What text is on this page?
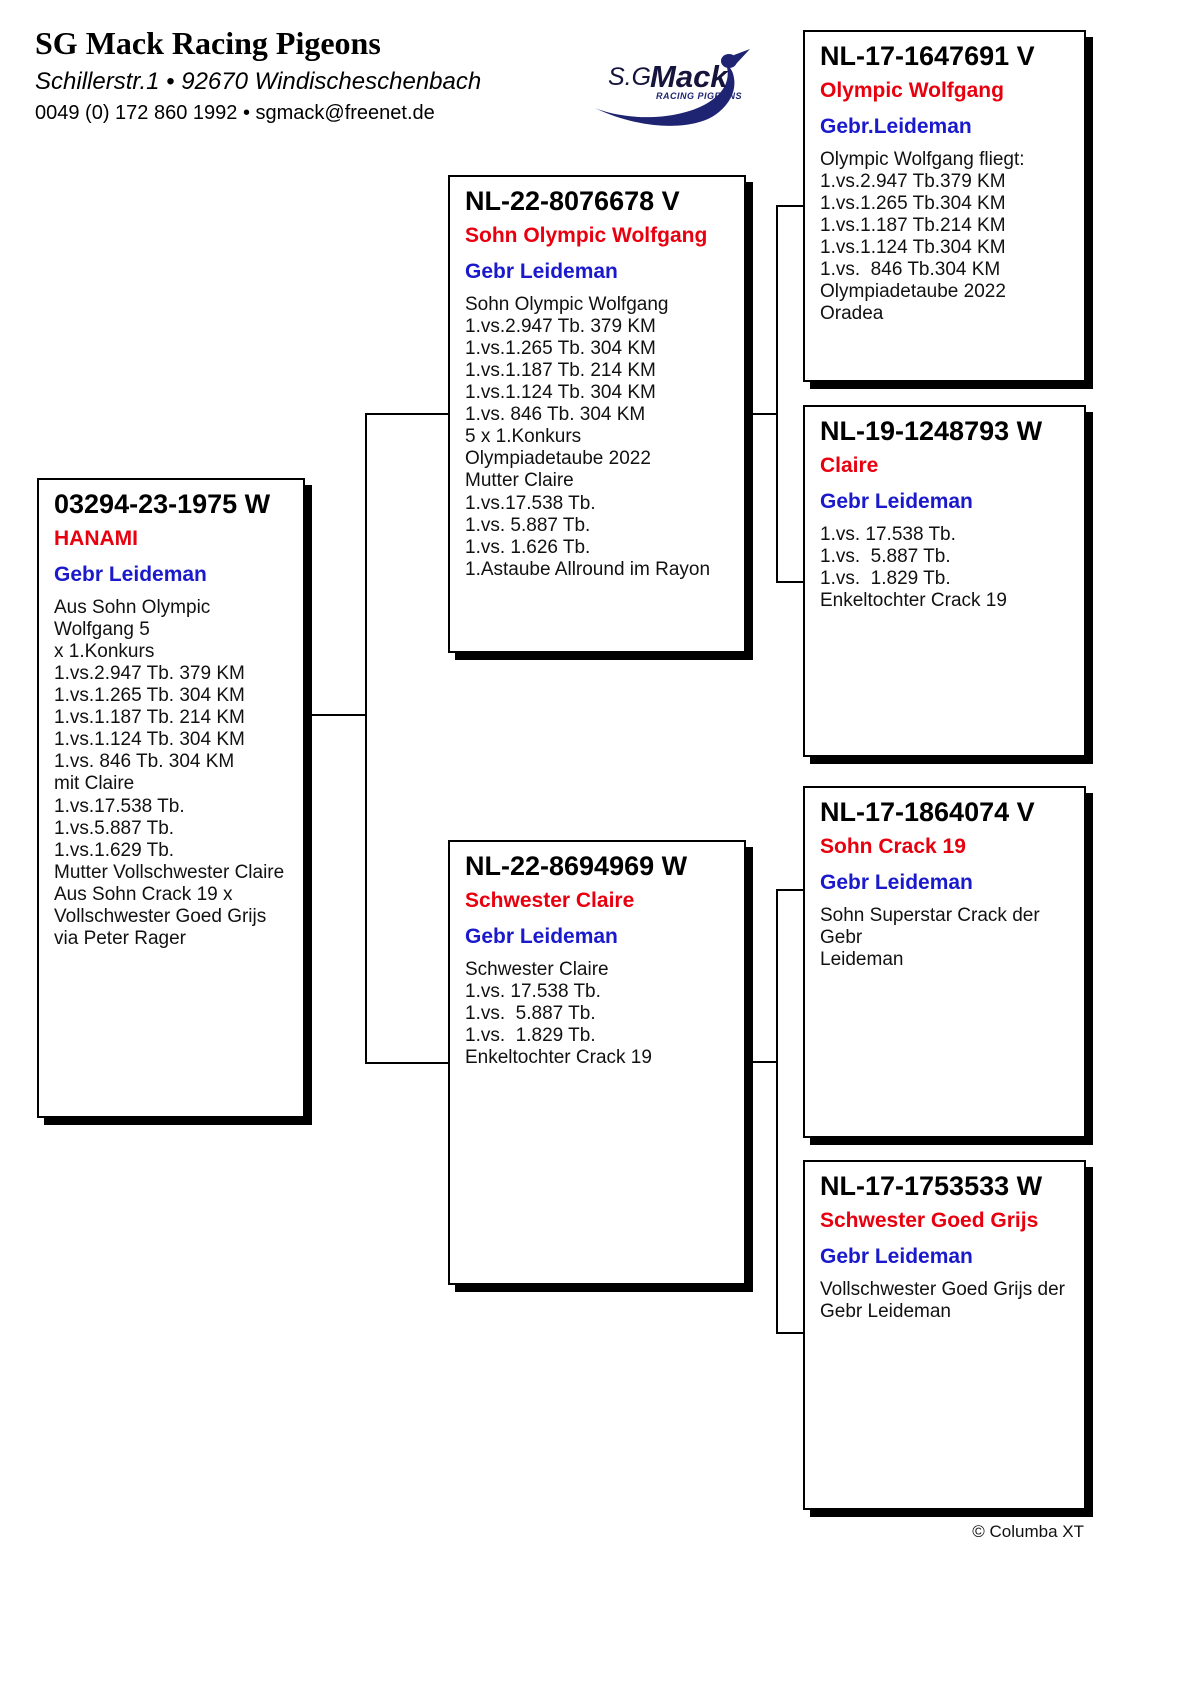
SG Mack Racing Pigeons
Schillerstr.1 • 92670 Windischeschenbach
0049 (0) 172 860 1992 • sgmack@freenet.de
S.G.
Mack
RACING PIGEONS
03294-23-1975 W
HANAMI
Gebr Leideman
Aus Sohn Olympic Wolfgang 5
x 1.Konkurs
1.vs.2.947 Tb. 379 KM
1.vs.1.265 Tb. 304 KM
1.vs.1.187 Tb. 214 KM
1.vs.1.124 Tb. 304 KM
1.vs. 846 Tb. 304 KM
mit Claire
1.vs.17.538 Tb.
1.vs.5.887 Tb.
1.vs.1.629 Tb.
Mutter Vollschwester Claire
Aus Sohn Crack 19 x
Vollschwester Goed Grijs
via Peter Rager
NL-22-8076678 V
Sohn Olympic Wolfgang
Gebr Leideman
Sohn Olympic Wolfgang
1.vs.2.947 Tb. 379 KM
1.vs.1.265 Tb. 304 KM
1.vs.1.187 Tb. 214 KM
1.vs.1.124 Tb. 304 KM
1.vs. 846 Tb. 304 KM
5 x 1.Konkurs
Olympiadetaube 2022
Mutter Claire
1.vs.17.538 Tb.
1.vs. 5.887 Tb.
1.vs. 1.626 Tb.
1.Astaube Allround im Rayon
NL-22-8694969 W
Schwester Claire
Gebr Leideman
Schwester Claire
1.vs. 17.538 Tb.
1.vs.  5.887 Tb.
1.vs.  1.829 Tb.
Enkeltochter Crack 19
NL-17-1647691 V
Olympic Wolfgang
Gebr.Leideman
Olympic Wolfgang fliegt:
1.vs.2.947 Tb.379 KM
1.vs.1.265 Tb.304 KM
1.vs.1.187 Tb.214 KM
1.vs.1.124 Tb.304 KM
1.vs.  846 Tb.304 KM
Olympiadetaube 2022 Oradea
NL-19-1248793 W
Claire
Gebr Leideman
1.vs. 17.538 Tb.
1.vs.  5.887 Tb.
1.vs.  1.829 Tb.
Enkeltochter Crack 19
NL-17-1864074 V
Sohn Crack 19
Gebr Leideman
Sohn Superstar Crack der Gebr
Leideman
NL-17-1753533 W
Schwester Goed Grijs
Gebr Leideman
Vollschwester Goed Grijs der
Gebr Leideman
© Columba XT
